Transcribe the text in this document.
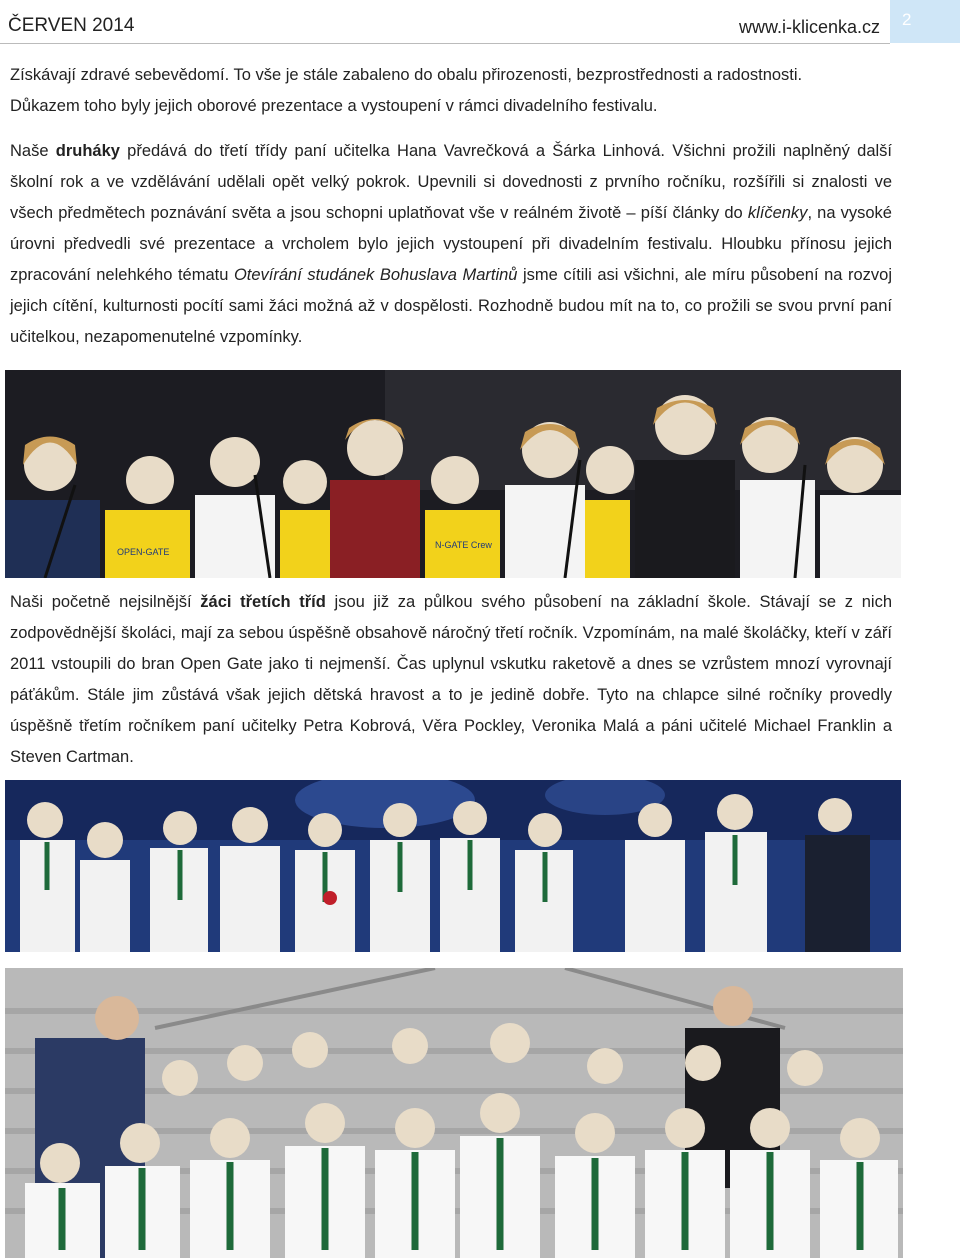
ČERVEN 2014	www.i-klicenka.cz 2

Získávají zdravé sebevědomí. To vše je stále zabaleno do obalu přirozenosti, bezprostřednosti a radostnosti.

Důkazem toho byly jejich oborové prezentace a vystoupení v rámci divadelního festivalu.

Naše druháky předává do třetí třídy paní učitelka Hana Vavrečková a Šárka Linhová. Všichni prožili naplněný další školní rok a ve vzdělávání udělali opět velký pokrok. Upevnili si dovednosti z prvního ročníku, rozšířili si znalosti ve všech předmětech poznávání světa a jsou schopni uplatňovat vše v reálném životě – píší články do klíčenky, na vysoké úrovni předvedli své prezentace a vrcholem bylo jejich vystoupení při divadelním festivalu. Hloubku přínosu jejich zpracování nelehkého tématu Otevírání studánek Bohuslava Martinů jsme cítili asi všichni, ale míru působení na rozvoj jejich cítění, kulturnosti pocítí sami žáci možná až v dospělosti. Rozhodně budou mít na to, co prožili se svou první paní učitelkou, nezapomenutelné vzpomínky.

OPEN-GATE
N-GATE Crew

Naši početně nejsilnější žáci třetích tříd jsou již za půlkou svého působení na základní škole. Stávají se z nich zodpovědnější školáci, mají za sebou úspěšně obsahově náročný třetí ročník. Vzpomínám, na malé školáčky, kteří v září 2011 vstoupili do bran Open Gate jako ti nejmenší. Čas uplynul vskutku raketově a dnes se vzrůstem mnozí vyrovnají páťákům. Stále jim zůstává však jejich dětská hravost a to je jedině dobře. Tyto na chlapce silné ročníky provedly úspěšně třetím ročníkem paní učitelky Petra Kobrová, Věra Pockley, Veronika Malá a páni učitelé Michael Franklin a Steven Cartman.
